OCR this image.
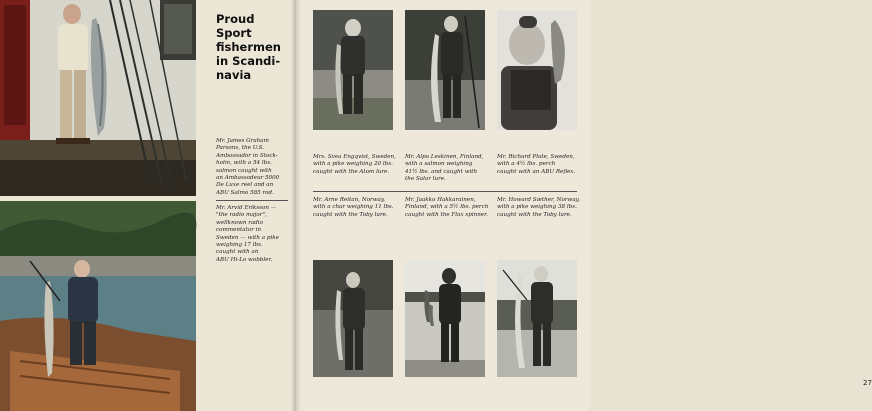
Proud
Sport
fishermen
in Scandi-
navia
Mr. James Graham
Parsons, the U.S.
Ambassador in Stock-
holm, with a 54 lbs.
salmon caught with
an Ambassadeur 5000
De Luxe reel and an
ABU Salmo 585 rod.
Mr. Arvid Eriksson —
"the radio major",
wellknown radio
commentator in
Sweden — with a pike
weighing 17 lbs.
caught with an
ABU Hi-Lo wobbler.
Mrs. Svea Engqvist, Sweden,
with a pike weighing 20 lbs.
caught with the Atom lure.
Mr. Alpo Leskinen, Finland,
with a salmon weighing
41½ lbs. and caught with
the Salar lure.
Mr. Richard Plate, Sweden,
with a 4½ lbs. perch
caught with an ABU Reflex.
Mr. Arne Reitan, Norway,
with a char weighing 11 lbs.
caught with the Toby lure.
Mr. Jaakko Hakkarainen,
Finland, with a 5½ lbs. perch
caught with the Flax spinner.
Mr. Howard Sæther, Norway,
with a pike weighing 38 lbs.
caught with the Toby lure.
27
